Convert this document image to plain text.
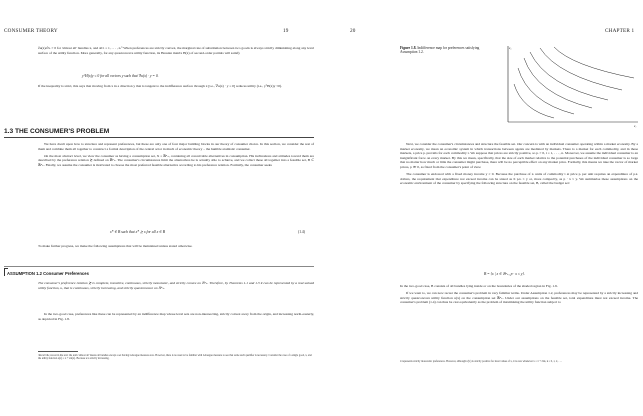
CONSUMER THEORY	19

∂u(x)/∂xᵢ > 0 for 'almost all' bundles x, and all i = 1, . . . , n.⁵ When preferences are strictly convex, the marginal rate of substitution between two goods is always strictly diminishing along any level surface of the utility function. More generally, for any quasiconcave utility function, its Hessian matrix H(x) of second-order partials will satisfy

yᵀH(x)y ≤ 0 for all vectors y such that ∇u(x) · y = 0.

If the inequality is strict, this says that moving from x in a direction y that is tangent to the indifference surface through x [i.e., ∇u(x) · y = 0] reduces utility (i.e., yᵀH(x)y <0).

1.3 THE CONSUMER'S PROBLEM

We have dwelt upon how to structure and represent preferences, but these are only one of four major building blocks in our theory of consumer choice. In this section, we consider the rest of them and combine them all together to construct a formal description of the central actor in much of economic theory – the humble atomistic consumer.

On the most abstract level, we view the consumer as having a consumption set, X = ℝⁿ₊, containing all conceivable alternatives in consumption. His inclinations and attitudes toward them are described by the preference relation ≿ defined on ℝⁿ₊. The consumer's circumstances limit the alternatives he is actually able to achieve, and we collect these all together into a feasible set, B ⊂ ℝⁿ₊. Finally, we assume the consumer is motivated to choose the most preferred feasible alternative according to his preference relation. Formally, the consumer seeks

x* ∈ B such that x* ≿ x for all x ∈ B	(1.4)

To make further progress, we make the following assumptions that will be maintained unless stated otherwise.

ASSUMPTION 1.2 Consumer Preferences

The consumer's preference relation ≿ is complete, transitive, continuous, strictly monotonic, and strictly convex on ℝⁿ₊. Therefore, by Theorems 1.1 and 1.3 it can be represented by a real-valued utility function, u, that is continuous, strictly increasing, and strictly quasiconcave on ℝⁿ₊.

In the two-good case, preferences like these can be represented by an indifference map whose level sets are non-intersecting, strictly convex away from the origin, and increasing north-easterly, as depicted in Fig. 1.8.

⁵Recall the caveat in the text: the term 'almost all' means all bundles except a set having Lebesgue measure zero. However, there is no need to be familiar with Lebesgue measure to see that some such qualifier is necessary. Consider the case of a single good, x, and the utility function u(x) = x + sin(x). Because u is strictly increasing,
20	CHAPTER 1
Figure 1.8. Indifference map for preferences satisfying Assumption 1.2.
x₂
x₁

Next, we consider the consumer's circumstances and structure the feasible set. Our concern is with an individual consumer operating within a market economy. By a market economy, we mean an economic system in which transactions between agents are mediated by markets. There is a market for each commodity, and in these markets, a price pᵢ prevails for each commodity i. We suppose that prices are strictly positive, so pᵢ > 0, i = 1, . . . , n. Moreover, we assume the individual consumer is an insignificant force on every market. By this we mean, specifically, that the size of each market relative to the potential purchases of the individual consumer is so large that no matter how much or little the consumer might purchase, there will be no perceptible effect on any market price. Formally, this means we take the vector of market prices, p ≫ 0, as fixed from the consumer's point of view.

The consumer is endowed with a fixed money income y ≥ 0. Because the purchase of xᵢ units of commodity i at price pᵢ per unit requires an expenditure of pᵢxᵢ dollars, the requirement that expenditure not exceed income can be stated as Σ pᵢxᵢ ≤ y or, more compactly, as p · x ≤ y. We summarise these assumptions on the economic environment of the consumer by specifying the following structure on the feasible set, B, called the budget set:

B = {x | x ∈ ℝⁿ₊, p · x ≤ y}.

In the two-good case, B consists of all bundles lying inside or on the boundaries of the shaded region in Fig. 1.9.

If we want to, we can now recast the consumer's problem in very familiar terms. Under Assumption 1.2, preferences may be represented by a strictly increasing and strictly quasiconcave utility function u(x) on the consumption set ℝⁿ₊. Under our assumptions on the feasible set, total expenditure must not exceed income. The consumer's problem (1.4) can thus be cast equivalently as the problem of maximising the utility function subject to

it represents strictly monotonic preferences. However, although u'(x) is strictly positive for most values of x, it is zero whenever x = π + 2πk, k = 0, 1, 2, . . .
